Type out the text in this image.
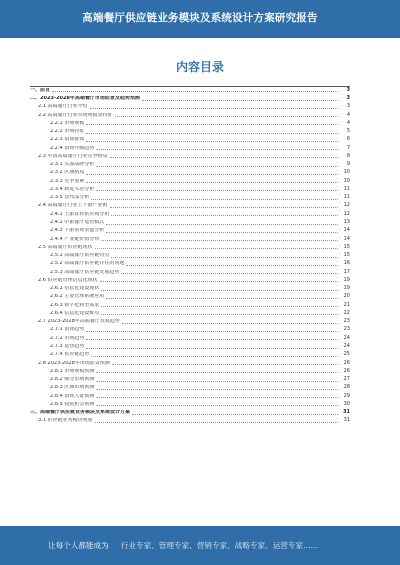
高端餐厅供应链业务模块及系统设计方案研究报告
内容目录
一、前言	3
二、2023-2028年高端餐厅市场前景及趋势预测	3
2.1 高端餐厅行业介绍	3
2.2 高端餐厅行业市场规模及特征	4
2.2.1 市场规模	4
2.2.2 市场特征	5
2.2.3 消费群体	6
2.2.4 消费升级趋势	7
2.3 中国高端餐厅行业竞争格局	8
2.3.1 头部品牌分析	9
2.3.2 区域格局	10
2.3.3 竞争要素	10
2.3.4 新进入者分析	11
2.3.5 替代品分析	11
2.4 高端餐厅行业上下游产业链	12
2.4.1 上游食材供应商分析	12
2.4.2 中游餐厅运营模式	13
2.4.3 下游消费渠道分析	14
2.4.4 产业链价值分布	14
2.5 高端餐厅供应链现状	15
2.5.1 高端餐厅供应链特点	15
2.5.2 高端餐厅供应链存在的问题	16
2.5.3 高端餐厅供应链发展趋势	17
2.6 供应链管理信息化现状	19
2.6.1 信息化建设现状	19
2.6.2 主要管理系统应用	20
2.6.3 数字化转型需求	21
2.6.4 信息化建设难点	22
2.7 2023-2028年高端餐厅发展趋势	23
2.7.1 消费趋势	23
2.7.2 市场趋势	24
2.7.3 运营趋势	24
2.7.4 供应链趋势	25
2.8 2023-2028年市场前景预测	26
2.8.1 市场规模预测	26
2.8.2 细分市场预测	27
2.8.3 区域市场预测	28
2.8.4 消费人群预测	29
2.8.5 投资机会预测	30
三、高端餐厅供应链业务模块及系统设计方案	31
3.1 供应链业务模块规划	31
让每个人都能成为 行业专家、管理专家、营销专家、战略专家、运营专家……
